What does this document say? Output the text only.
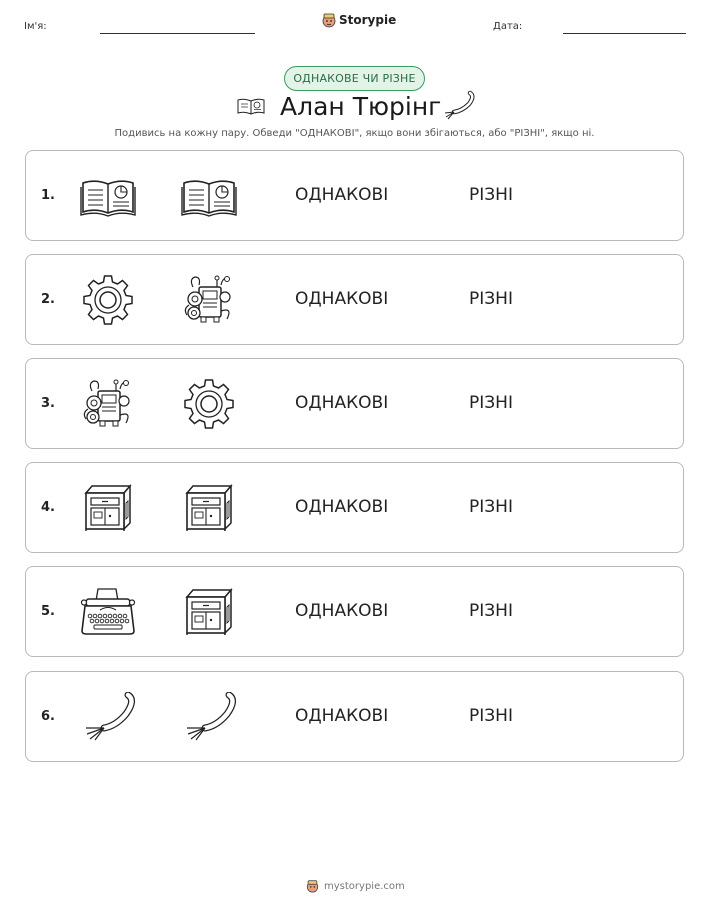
Ім'я:	Storypie	Дата:
ОДНАКОВЕ ЧИ РІЗНЕ
Алан Тюрінг
Подивись на кожну пару. Обведи "ОДНАКОВІ", якщо вони збігаються, або "РІЗНІ", якщо ні.
1.	ОДНАКОВІ	РІЗНІ
2.	ОДНАКОВІ	РІЗНІ
3.	ОДНАКОВІ	РІЗНІ
4.	ОДНАКОВІ	РІЗНІ
5.	ОДНАКОВІ	РІЗНІ
6.	ОДНАКОВІ	РІЗНІ
mystorypie.com
